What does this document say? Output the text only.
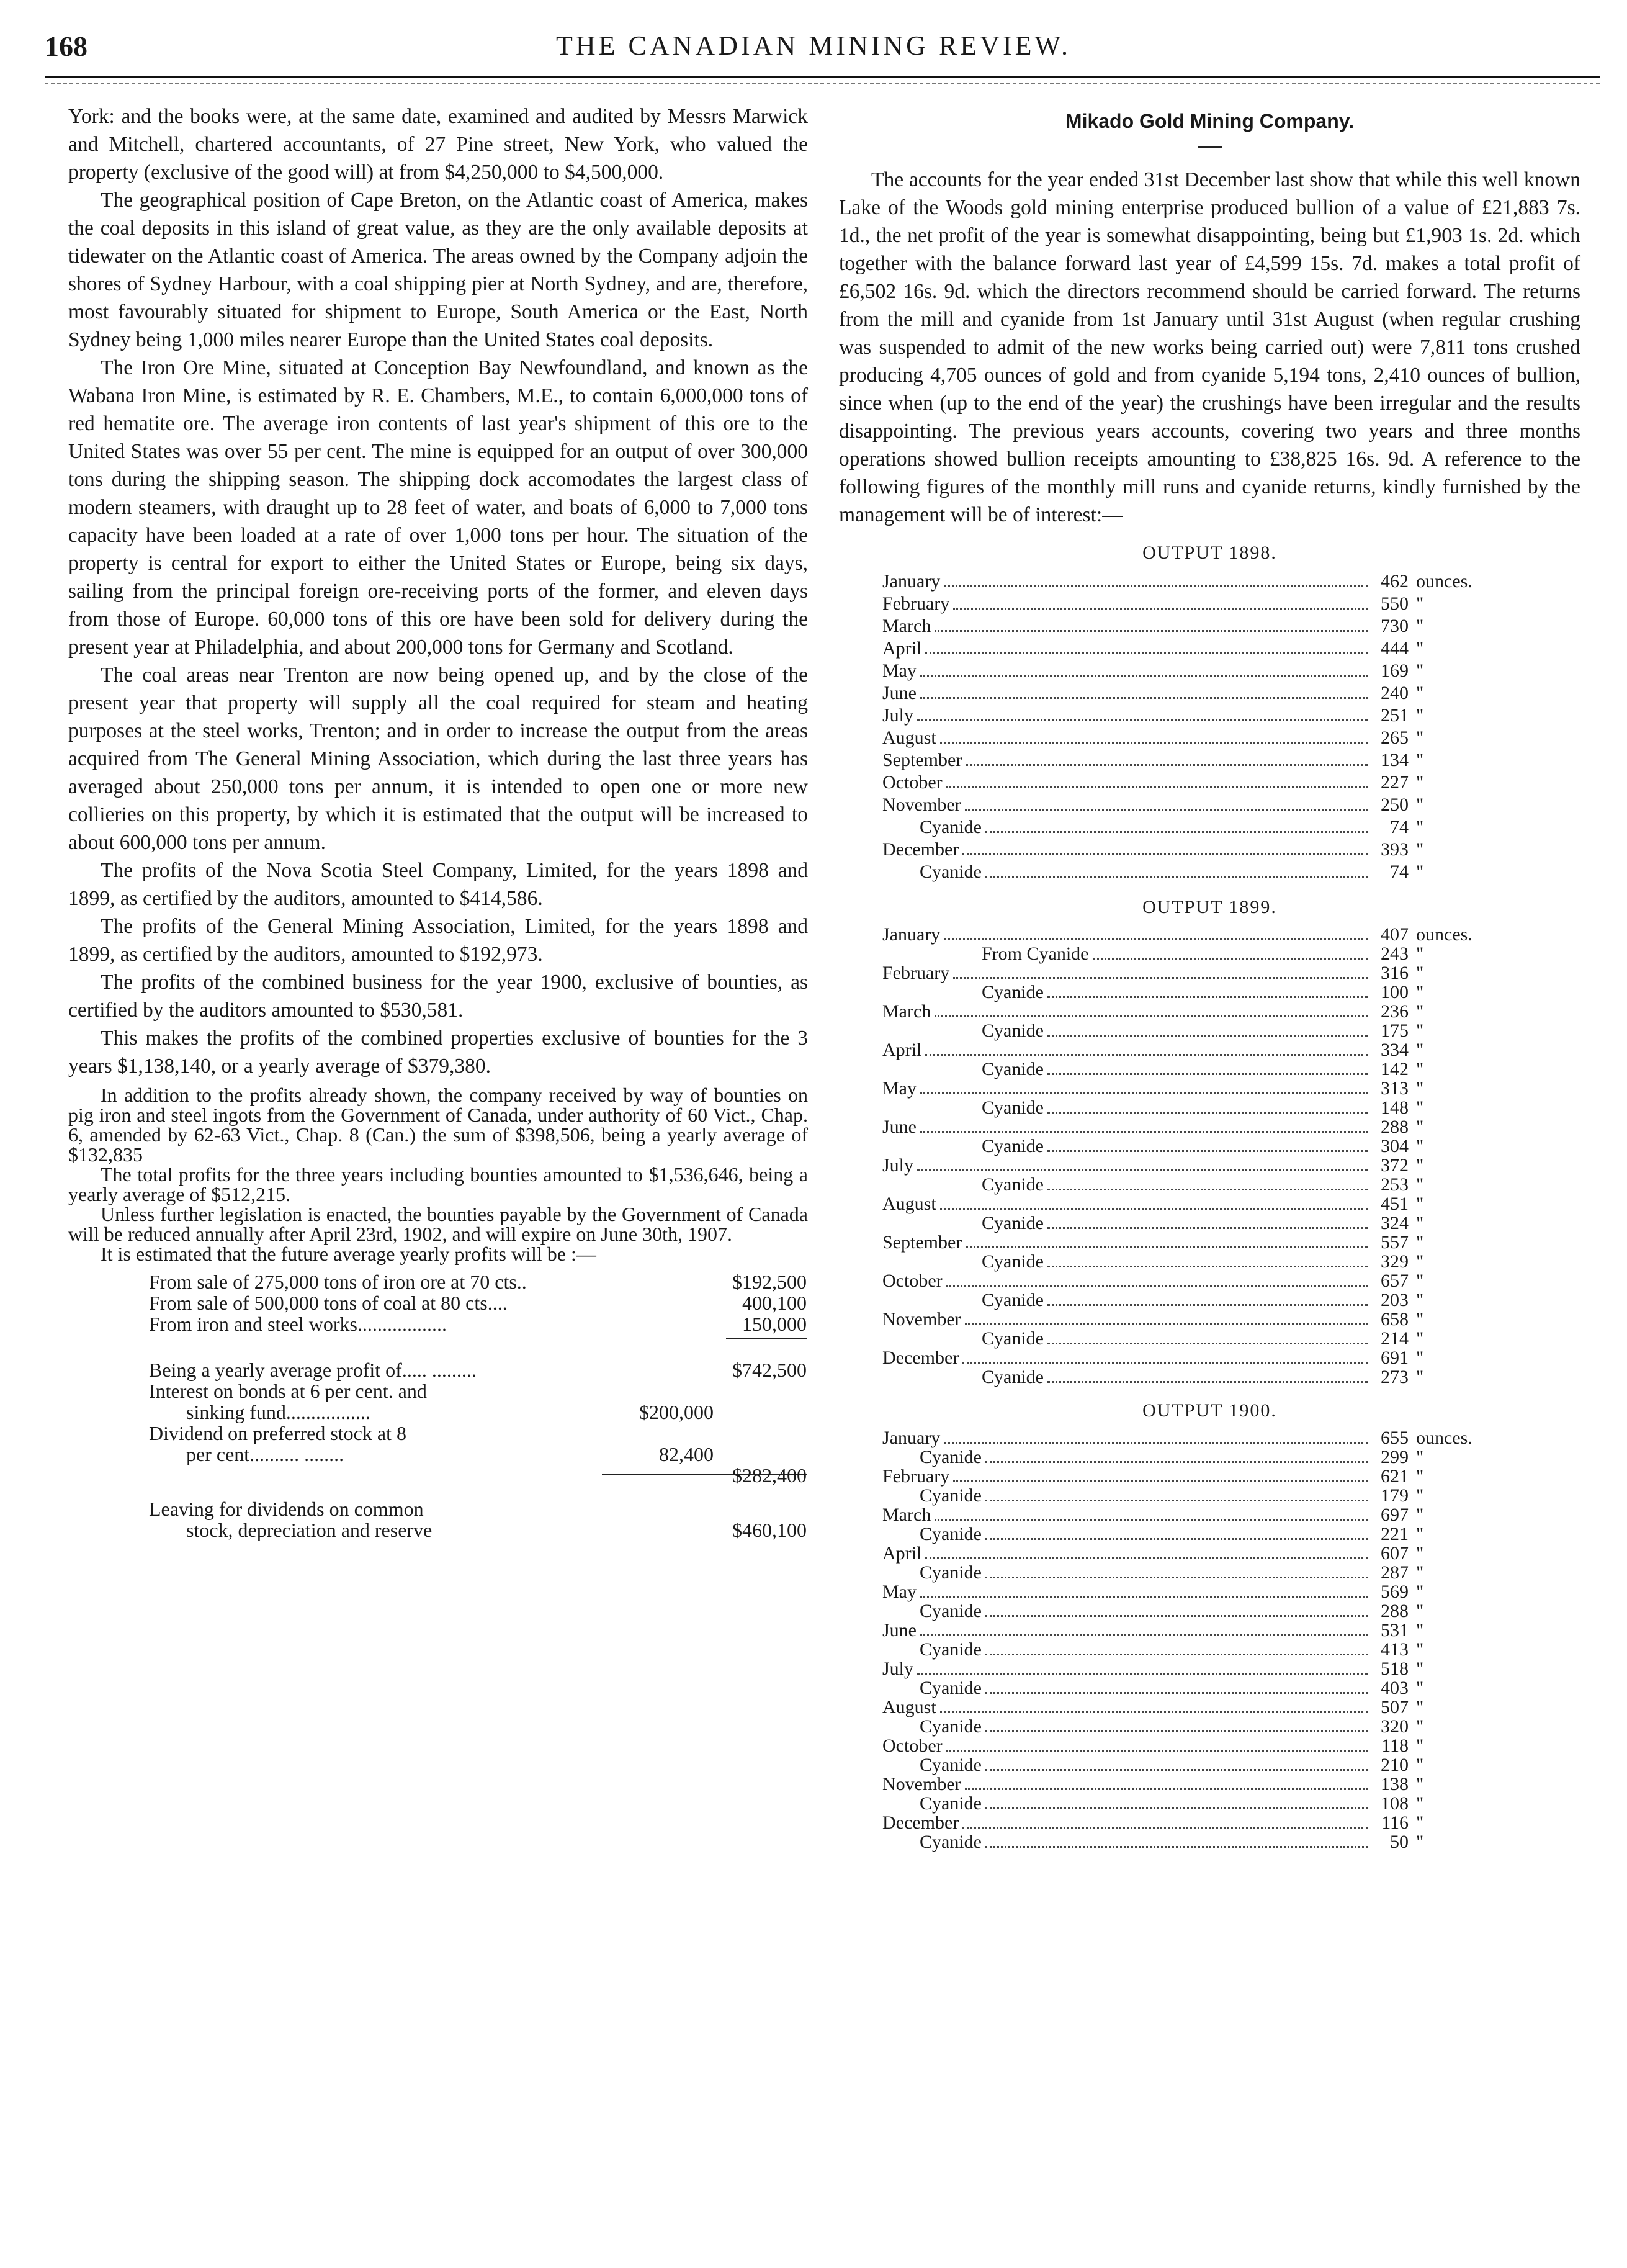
168	THE CANADIAN MINING REVIEW.

York: and the books were, at the same date, examined and audited by Messrs Marwick and Mitchell, chartered accountants, of 27 Pine street, New York, who valued the property (exclusive of the good will) at from $4,250,000 to $4,500,000.

The geographical position of Cape Breton, on the Atlantic coast of America, makes the coal deposits in this island of great value, as they are the only available deposits at tidewater on the Atlantic coast of America. The areas owned by the Company adjoin the shores of Sydney Harbour, with a coal shipping pier at North Sydney, and are, therefore, most favourably situated for shipment to Europe, South America or the East, North Sydney being 1,000 miles nearer Europe than the United States coal deposits.

The Iron Ore Mine, situated at Conception Bay Newfoundland, and known as the Wabana Iron Mine, is estimated by R. E. Chambers, M.E., to contain 6,000,000 tons of red hematite ore. The average iron contents of last year's shipment of this ore to the United States was over 55 per cent. The mine is equipped for an output of over 300,000 tons during the shipping season. The shipping dock accomodates the largest class of modern steamers, with draught up to 28 feet of water, and boats of 6,000 to 7,000 tons capacity have been loaded at a rate of over 1,000 tons per hour. The situation of the property is central for export to either the United States or Europe, being six days, sailing from the principal foreign ore-receiving ports of the former, and eleven days from those of Europe. 60,000 tons of this ore have been sold for delivery during the present year at Philadelphia, and about 200,000 tons for Germany and Scotland.

The coal areas near Trenton are now being opened up, and by the close of the present year that property will supply all the coal required for steam and heating purposes at the steel works, Trenton; and in order to increase the output from the areas acquired from The General Mining Association, which during the last three years has averaged about 250,000 tons per annum, it is intended to open one or more new collieries on this property, by which it is estimated that the output will be increased to about 600,000 tons per annum.

The profits of the Nova Scotia Steel Company, Limited, for the years 1898 and 1899, as certified by the auditors, amounted to $414,586.

The profits of the General Mining Association, Limited, for the years 1898 and 1899, as certified by the auditors, amounted to $192,973.

The profits of the combined business for the year 1900, exclusive of bounties, as certified by the auditors amounted to $530,581.

This makes the profits of the combined properties exclusive of bounties for the 3 years $1,138,140, or a yearly average of $379,380.

In addition to the profits already shown, the company received by way of bounties on pig iron and steel ingots from the Government of Canada, under authority of 60 Vict., Chap. 6, amended by 62-63 Vict., Chap. 8 (Can.) the sum of $398,506, being a yearly average of $132,835

The total profits for the three years including bounties amounted to $1,536,646, being a yearly average of $512,215.

Unless further legislation is enacted, the bounties payable by the Government of Canada will be reduced annually after April 23rd, 1902, and will expire on June 30th, 1907.

It is estimated that the future average yearly profits will be :—

From sale of 275,000 tons of iron ore at 70 cts..	$192,500
From sale of 500,000 tons of coal at 80 cts....	400,100
From iron and steel works..................	150,000
Being a yearly average profit of..... .........	$742,500
Interest on bonds at 6 per cent. and
sinking fund.................	$200,000
Dividend on preferred stock at 8
per cent.......... ........	82,400
$282,400
Leaving for dividends on common
stock, depreciation and reserve	$460,100
Mikado Gold Mining Company.

The accounts for the year ended 31st December last show that while this well known Lake of the Woods gold mining enterprise produced bullion of a value of £21,883 7s. 1d., the net profit of the year is somewhat disappointing, being but £1,903 1s. 2d. which together with the balance forward last year of £4,599 15s. 7d. makes a total profit of £6,502 16s. 9d. which the directors recommend should be carried forward. The returns from the mill and cyanide from 1st January until 31st August (when regular crushing was suspended to admit of the new works being carried out) were 7,811 tons crushed producing 4,705 ounces of gold and from cyanide 5,194 tons, 2,410 ounces of bullion, since when (up to the end of the year) the crushings have been irregular and the results disappointing. The previous years accounts, covering two years and three months operations showed bullion receipts amounting to £38,825 16s. 9d. A reference to the following figures of the monthly mill runs and cyanide returns, kindly furnished by the management will be of interest:—

OUTPUT 1898.
January	462 ounces.
February	550 "
March	730 "
April	444 "
May	169 "
June	240 "
July	251 "
August	265 "
September	134 "
October	227 "
November	250 "
Cyanide	74 "
December	393 "
Cyanide	74 "
OUTPUT 1899.
January	407 ounces.
From Cyanide	243 "
February	316 "
Cyanide	100 "
March	236 "
Cyanide	175 "
April	334 "
Cyanide	142 "
May	313 "
Cyanide	148 "
June	288 "
Cyanide	304 "
July	372 "
Cyanide	253 "
August	451 "
Cyanide	324 "
September	557 "
Cyanide	329 "
October	657 "
Cyanide	203 "
November	658 "
Cyanide	214 "
December	691 "
Cyanide	273 "
OUTPUT 1900.
January	655 ounces.
Cyanide	299 "
February	621 "
Cyanide	179 "
March	697 "
Cyanide	221 "
April	607 "
Cyanide	287 "
May	569 "
Cyanide	288 "
June	531 "
Cyanide	413 "
July	518 "
Cyanide	403 "
August	507 "
Cyanide	320 "
October	118 "
Cyanide	210 "
November	138 "
Cyanide	108 "
December	116 "
Cyanide	50 "
